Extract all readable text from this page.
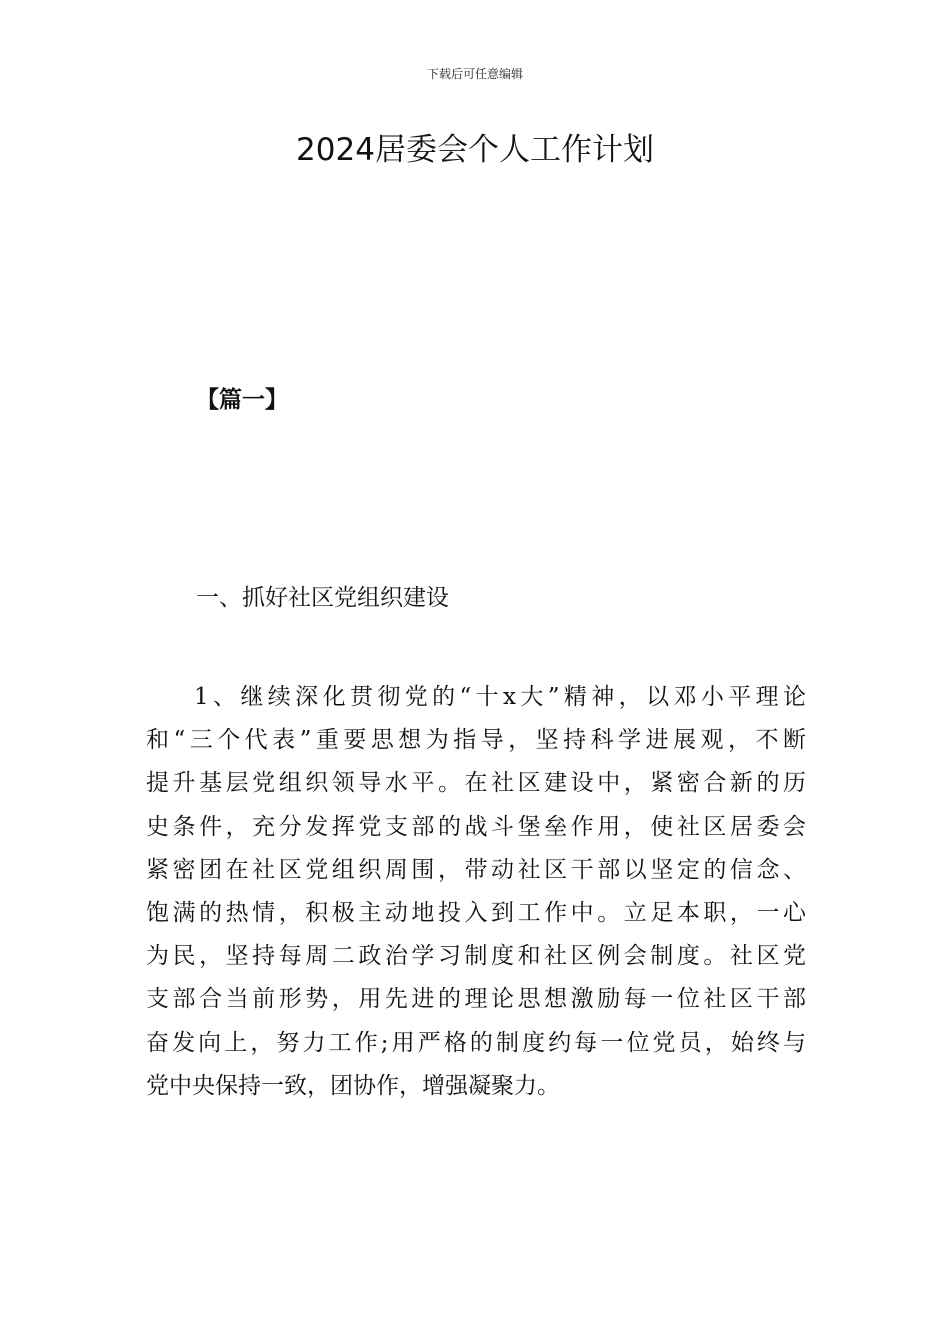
下载后可任意编辑
2024居委会个人工作计划
【篇一】
一、抓好社区党组织建设
1、继续深化贯彻党的“十x大”精神，以邓小平理论
和“三个代表”重要思想为指导，坚持科学进展观，不断
提升基层党组织领导水平。在社区建设中，紧密合新的历
史条件，充分发挥党支部的战斗堡垒作用，使社区居委会
紧密团在社区党组织周围，带动社区干部以坚定的信念、
饱满的热情，积极主动地投入到工作中。立足本职，一心
为民，坚持每周二政治学习制度和社区例会制度。社区党
支部合当前形势，用先进的理论思想激励每一位社区干部
奋发向上，努力工作;用严格的制度约每一位党员，始终与
党中央保持一致，团协作，增强凝聚力。
